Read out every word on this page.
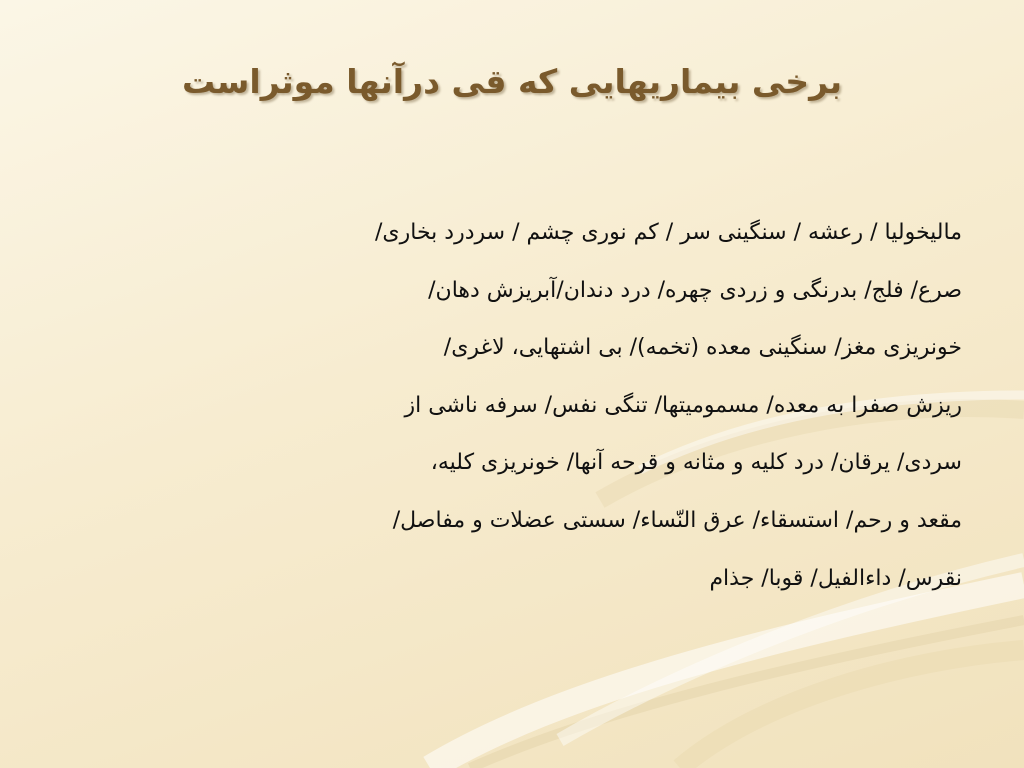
برخی بیماریهایی که قی درآنها موثراست
مالیخولیا / رعشه / سنگینی سر / کم نوری چشم / سردرد بخاری/
صرع/ فلج/ بدرنگی و زردی چهره/ درد دندان/آبریزش دهان/
خونریزی مغز/ سنگینی معده (تخمه)/ بی اشتهایی، لاغری/
ریزش صفرا به معده/ مسمومیتها/ تنگی نفس/ سرفه ناشی از
سردی/ یرقان/ درد کلیه و مثانه و قرحه آنها/ خونریزی کلیه،
مقعد و رحم/ استسقاء/ عرق النّساء/ سستی عضلات و مفاصل/
نقرس/ داءالفیل/ قوبا/ جذام
